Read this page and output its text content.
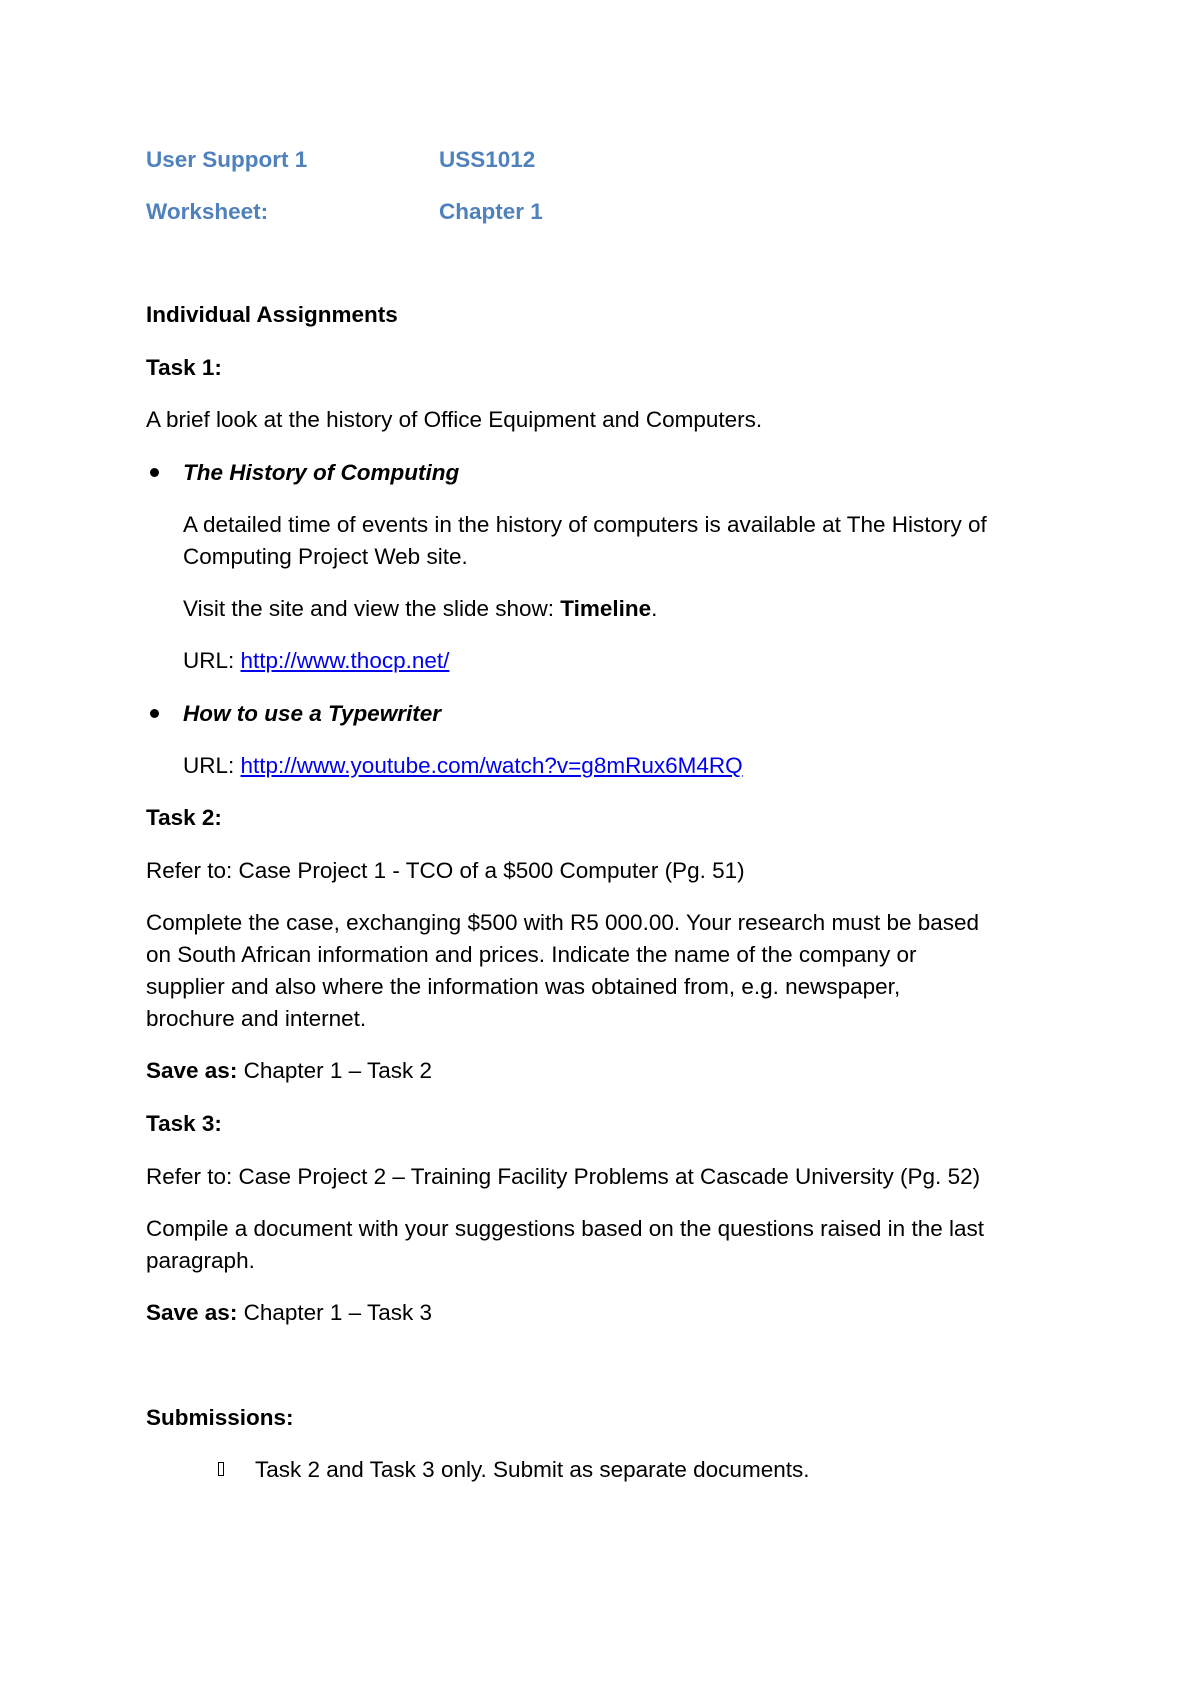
User Support 1	USS1012
Worksheet:	Chapter 1
Individual Assignments
Task 1:
A brief look at the history of Office Equipment and Computers.
The History of Computing
A detailed time of events in the history of computers is available at The History of
Computing Project Web site.
Visit the site and view the slide show: Timeline.
URL: http://www.thocp.net/
How to use a Typewriter
URL: http://www.youtube.com/watch?v=g8mRux6M4RQ
Task 2:
Refer to: Case Project 1 - TCO of a $500 Computer (Pg. 51)
Complete the case, exchanging $500 with R5 000.00. Your research must be based
on South African information and prices. Indicate the name of the company or
supplier and also where the information was obtained from, e.g. newspaper,
brochure and internet.
Save as: Chapter 1 – Task 2
Task 3:
Refer to: Case Project 2 – Training Facility Problems at Cascade University (Pg. 52)
Compile a document with your suggestions based on the questions raised in the last
paragraph.
Save as: Chapter 1 – Task 3
Submissions:
Task 2 and Task 3 only. Submit as separate documents.
